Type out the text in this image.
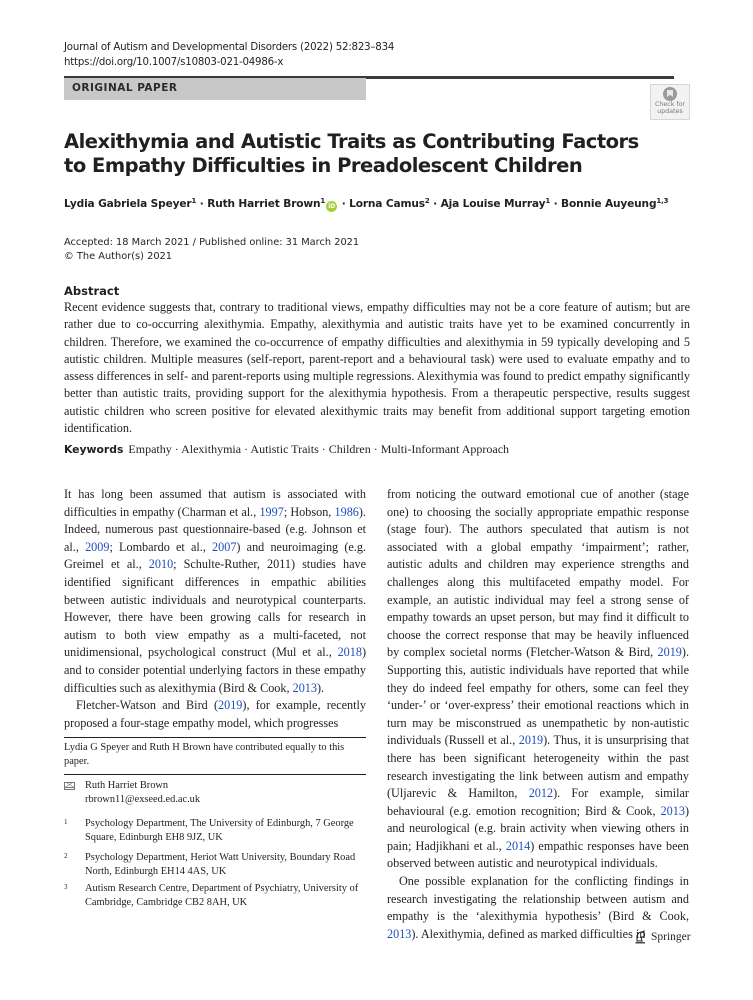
Journal of Autism and Developmental Disorders (2022) 52:823–834
https://doi.org/10.1007/s10803-021-04986-x
ORIGINAL PAPER
Check for
updates
Alexithymia and Autistic Traits as Contributing Factors to Empathy Difficulties in Preadolescent Children
Lydia Gabriela Speyer$^1$ · Ruth Harriet Brown$^1$iD · Lorna Camus$^2$ · Aja Louise Murray$^1$ · Bonnie Auyeung$^{1,3}$
Accepted: 18 March 2021 / Published online: 31 March 2021
© The Author(s) 2021
Abstract
Recent evidence suggests that, contrary to traditional views, empathy difficulties may not be a core feature of autism; but are rather due to co-occurring alexithymia. Empathy, alexithymia and autistic traits have yet to be examined concurrently in children. Therefore, we examined the co-occurrence of empathy difficulties and alexithymia in 59 typically developing and 5 autistic children. Multiple measures (self-report, parent-report and a behavioural task) were used to evaluate empathy and to assess differences in self- and parent-reports using multiple regressions. Alexithymia was found to predict empathy significantly better than autistic traits, providing support for the alexithymia hypothesis. From a therapeutic perspective, results suggest autistic children who screen positive for elevated alexithymic traits may benefit from additional support targeting emotion identification.
Keywords Empathy · Alexithymia · Autistic Traits · Children · Multi-Informant Approach

It has long been assumed that autism is associated with difficulties in empathy (Charman et al., 1997; Hobson, 1986). Indeed, numerous past questionnaire-based (e.g. Johnson et al., 2009; Lombardo et al., 2007) and neuroimaging (e.g. Greimel et al., 2010; Schulte-Ruther, 2011) studies have identified significant differences in empathic abilities between autistic individuals and neurotypical counterparts. However, there have been growing calls for research in autism to both view empathy as a multi-faceted, not unidimensional, psychological construct (Mul et al., 2018) and to consider potential underlying factors in these empathy difficulties such as alexithymia (Bird & Cook, 2013).

Fletcher-Watson and Bird (2019), for example, recently proposed a four-stage empathy model, which progresses

from noticing the outward emotional cue of another (stage one) to choosing the socially appropriate empathic response (stage four). The authors speculated that autism is not associated with a global empathy ‘impairment’; rather, autistic adults and children may experience strengths and challenges along this multifaceted empathy model. For example, an autistic individual may feel a strong sense of empathy towards an upset person, but may find it difficult to choose the correct response that may be heavily influenced by complex societal norms (Fletcher-Watson & Bird, 2019). Supporting this, autistic individuals have reported that while they do indeed feel empathy for others, some can feel they ‘under-’ or ‘over-express’ their emotional reactions which in turn may be misconstrued as unempathetic by non-autistic individuals (Russell et al., 2019). Thus, it is unsurprising that there has been significant heterogeneity within the past research investigating the link between autism and empathy (Uljarevic & Hamilton, 2012). For example, similar behavioural (e.g. emotion recognition; Bird & Cook, 2013) and neurological (e.g. brain activity when viewing others in pain; Hadjikhani et al., 2014) empathic responses have been observed between autistic and neurotypical individuals.

One possible explanation for the conflicting findings in research investigating the relationship between autism and empathy is the ‘alexithymia hypothesis’ (Bird & Cook, 2013). Alexithymia, defined as marked difficulties in

Lydia G Speyer and Ruth H Brown have contributed equally to this paper.
Ruth Harriet Brown
rbrown11@exseed.ed.ac.uk
1 Psychology Department, The University of Edinburgh, 7 George Square, Edinburgh EH8 9JZ, UK
2 Psychology Department, Heriot Watt University, Boundary Road North, Edinburgh EH14 4AS, UK
3 Autism Research Centre, Department of Psychiatry, University of Cambridge, Cambridge CB2 8AH, UK
Springer
